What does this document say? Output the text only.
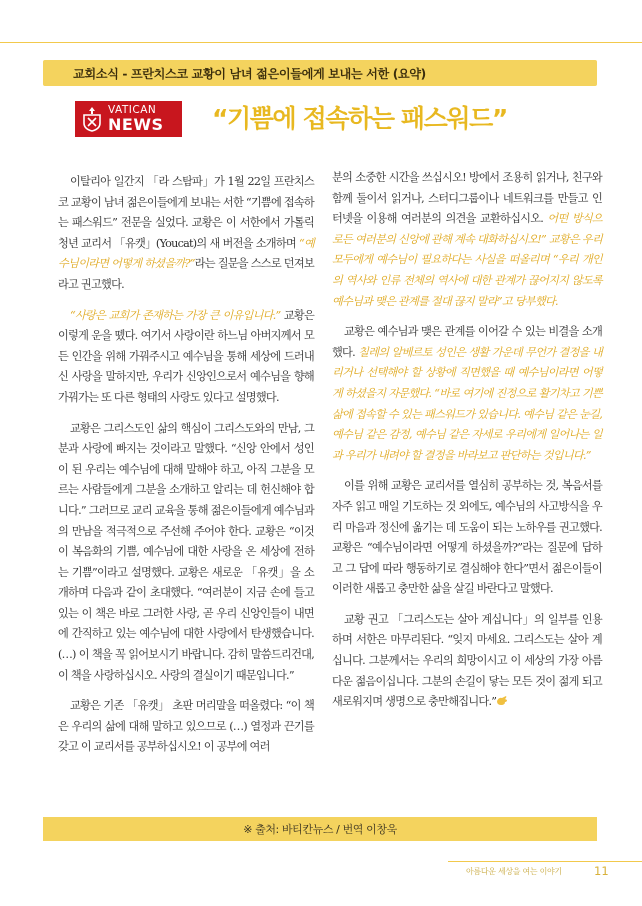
교회소식 - 프란치스코 교황이 남녀 젊은이들에게 보내는 서한 (요약)
VATICAN
NEWS “기쁨에 접속하는 패스워드”

이탈리아 일간지 「라 스탐파」가 1월 22일 프란치스코 교황이 남녀 젊은이들에게 보내는 서한 “기쁨에 접속하는 패스워드” 전문을 실었다. 교황은 이 서한에서 가톨릭 청년 교리서 「유캣」(Youcat)의 새 버전을 소개하며 “예수님이라면 어떻게 하셨을까?”라는 질문을 스스로 던져보라고 권고했다.

“사랑은 교회가 존재하는 가장 큰 이유입니다.” 교황은 이렇게 운을 뗐다. 여기서 사랑이란 하느님 아버지께서 모든 인간을 위해 가꿔주시고 예수님을 통해 세상에 드러내신 사랑을 말하지만, 우리가 신앙인으로서 예수님을 향해 가꿔가는 또 다른 형태의 사랑도 있다고 설명했다.

교황은 그리스도인 삶의 핵심이 그리스도와의 만남, 그분과 사랑에 빠지는 것이라고 말했다. “신앙 안에서 성인이 된 우리는 예수님에 대해 말해야 하고, 아직 그분을 모르는 사람들에게 그분을 소개하고 알리는 데 헌신해야 합니다.” 그러므로 교리 교육을 통해 젊은이들에게 예수님과의 만남을 적극적으로 주선해 주어야 한다. 교황은 “이것이 복음화의 기쁨, 예수님에 대한 사랑을 온 세상에 전하는 기쁨”이라고 설명했다. 교황은 새로운 「유캣」을 소개하며 다음과 같이 초대했다. “여러분이 지금 손에 들고 있는 이 책은 바로 그러한 사랑, 곧 우리 신앙인들이 내면에 간직하고 있는 예수님에 대한 사랑에서 탄생했습니다. (…) 이 책을 꼭 읽어보시기 바랍니다. 감히 말씀드리건대, 이 책을 사랑하십시오. 사랑의 결실이기 때문입니다.”

교황은 기존 「유캣」 초판 머리말을 떠올렸다: “이 책은 우리의 삶에 대해 말하고 있으므로 (…) 열정과 끈기를 갖고 이 교리서를 공부하십시오! 이 공부에 여러

분의 소중한 시간을 쓰십시오! 방에서 조용히 읽거나, 친구와 함께 둘이서 읽거나, 스터디그룹이나 네트워크를 만들고 인터넷을 이용해 여러분의 의견을 교환하십시오. 어떤 방식으로든 여러분의 신앙에 관해 계속 대화하십시오!” 교황은 우리 모두에게 예수님이 필요하다는 사실을 떠올리며 “우리 개인의 역사와 인류 전체의 역사에 대한 관계가 끊어지지 않도록 예수님과 맺은 관계를 절대 끊지 말라”고 당부했다.

교황은 예수님과 맺은 관계를 이어갈 수 있는 비결을 소개했다. 칠레의 알베르토 성인은 생활 가운데 무언가 결정을 내리거나 선택해야 할 상황에 직면했을 때 예수님이라면 어떻게 하셨을지 자문했다. “바로 여기에 진정으로 활기차고 기쁜 삶에 접속할 수 있는 패스워드가 있습니다. 예수님 같은 눈길, 예수님 같은 감정, 예수님 같은 자세로 우리에게 일어나는 일과 우리가 내려야 할 결정을 바라보고 판단하는 것입니다.”

이를 위해 교황은 교리서를 열심히 공부하는 것, 복음서를 자주 읽고 매일 기도하는 것 외에도, 예수님의 사고방식을 우리 마음과 정신에 옮기는 데 도움이 되는 노하우를 권고했다. 교황은 “예수님이라면 어떻게 하셨을까?”라는 질문에 답하고 그 답에 따라 행동하기로 결심해야 한다”면서 젊은이들이 이러한 새롭고 충만한 삶을 살길 바란다고 말했다.

교황 권고 「그리스도는 살아 계십니다」의 일부를 인용하며 서한은 마무리된다. “잊지 마세요. 그리스도는 살아 계십니다. 그분께서는 우리의 희망이시고 이 세상의 가장 아름다운 젊음이십니다. 그분의 손길이 닿는 모든 것이 젊게 되고 새로워지며 생명으로 충만해집니다.”

※ 출처: 바티칸뉴스 / 번역 이창욱
아름다운 세상을 여는 이야기	11
